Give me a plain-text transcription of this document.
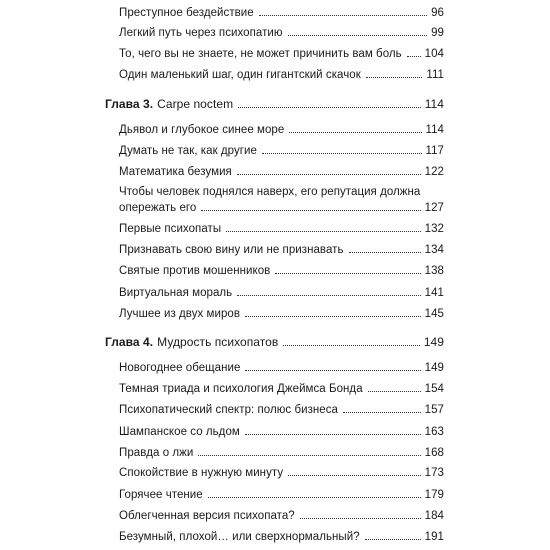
Преступное бездействие	96
Легкий путь через психопатию	99
То, чего вы не знаете, не может причинить вам боль 104
Один маленький шаг, один гигантский скачок	111
Глава 3. Carpe noctem	114
Дьявол и глубокое синее море	114
Думать не так, как другие	117
Математика безумия	122
Чтобы человек поднялся наверх, его репутация должна
опережать его	127
Первые психопаты	132
Признавать свою вину или не признавать	134
Святые против мошенников	138
Виртуальная мораль	141
Лучшее из двух миров	145
Глава 4. Мудрость психопатов	149
Новогоднее обещание	149
Темная триада и психология Джеймса Бонда	154
Психопатический спектр: полюс бизнеса	157
Шампанское со льдом	163
Правда о лжи	168
Спокойствие в нужную минуту	173
Горячее чтение	179
Облегченная версия психопата?	184
Безумный, плохой… или сверхнормальный?	191
